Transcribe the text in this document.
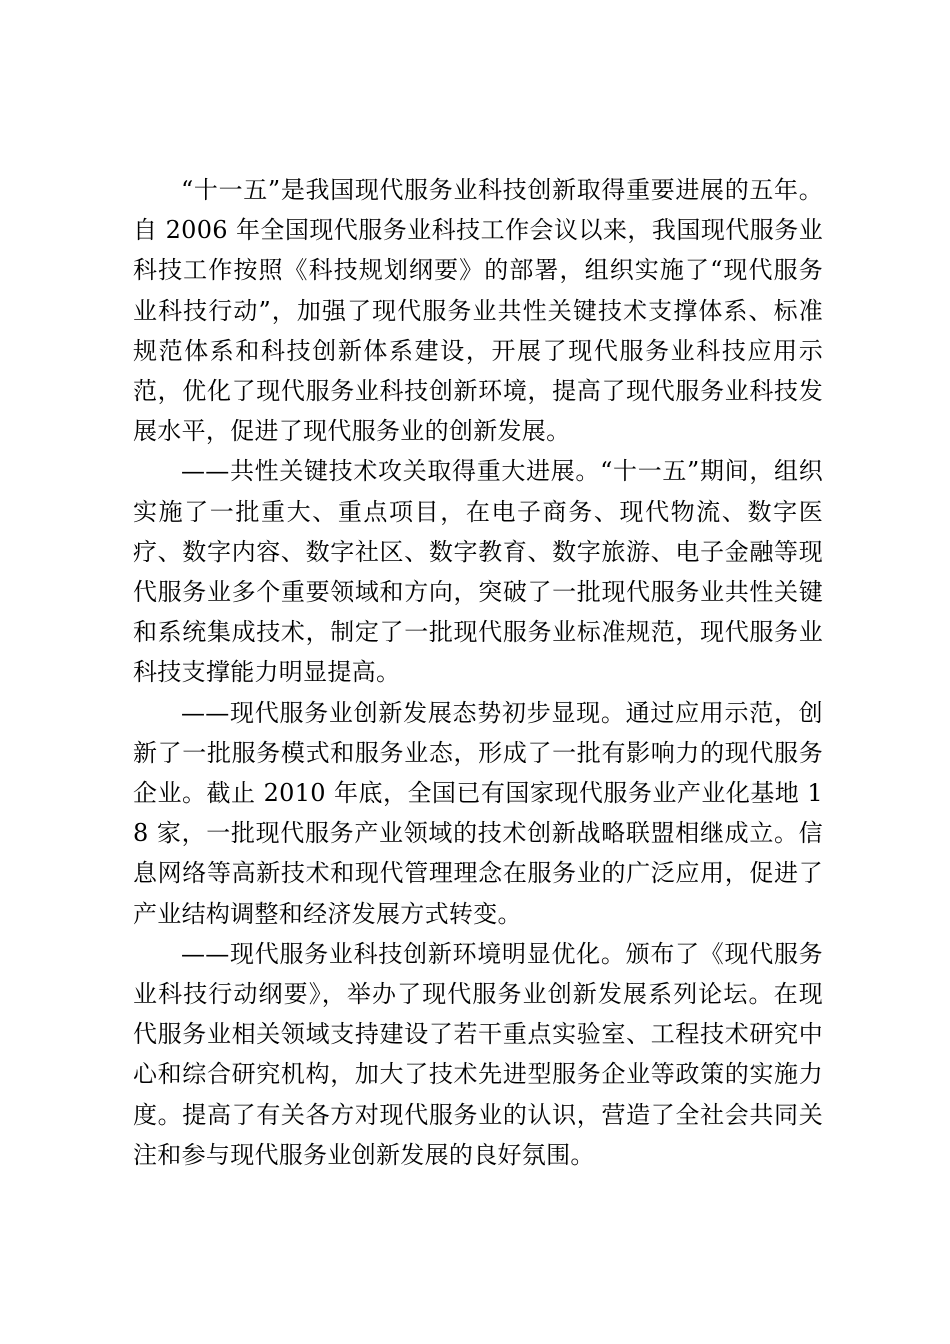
“十一五”是我国现代服务业科技创新取得重要进展的五年。自 2006 年全国现代服务业科技工作会议以来，我国现代服务业科技工作按照《科技规划纲要》的部署，组织实施了“现代服务业科技行动”，加强了现代服务业共性关键技术支撑体系、标准规范体系和科技创新体系建设，开展了现代服务业科技应用示范，优化了现代服务业科技创新环境，提高了现代服务业科技发展水平，促进了现代服务业的创新发展。

——共性关键技术攻关取得重大进展。“十一五”期间，组织实施了一批重大、重点项目，在电子商务、现代物流、数字医疗、数字内容、数字社区、数字教育、数字旅游、电子金融等现代服务业多个重要领域和方向，突破了一批现代服务业共性关键和系统集成技术，制定了一批现代服务业标准规范，现代服务业科技支撑能力明显提高。

——现代服务业创新发展态势初步显现。通过应用示范，创新了一批服务模式和服务业态，形成了一批有影响力的现代服务企业。截止 2010 年底，全国已有国家现代服务业产业化基地 18 家，一批现代服务产业领域的技术创新战略联盟相继成立。信息网络等高新技术和现代管理理念在服务业的广泛应用，促进了产业结构调整和经济发展方式转变。

——现代服务业科技创新环境明显优化。颁布了《现代服务业科技行动纲要》，举办了现代服务业创新发展系列论坛。在现代服务业相关领域支持建设了若干重点实验室、工程技术研究中心和综合研究机构，加大了技术先进型服务企业等政策的实施力度。提高了有关各方对现代服务业的认识，营造了全社会共同关注和参与现代服务业创新发展的良好氛围。
